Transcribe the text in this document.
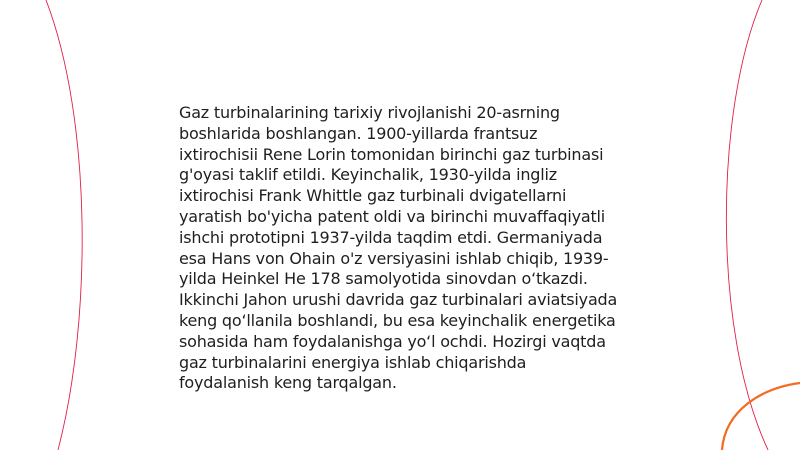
Gaz turbinalarining tarixiy rivojlanishi 20-asrning boshlarida boshlangan. 1900-yillarda frantsuz ixtirochisii Rene Lorin tomonidan birinchi gaz turbinasi g'oyasi taklif etildi. Keyinchalik, 1930-yilda ingliz ixtirochisi Frank Whittle gaz turbinali dvigatellarni yaratish bo'yicha patent oldi va birinchi muvaffaqiyatli ishchi prototipni 1937-yilda taqdim etdi. Germaniyada esa Hans von Ohain o'z versiyasini ishlab chiqib, 1939-yilda Heinkel He 178 samolyotida sinovdan o‘tkazdi. Ikkinchi Jahon urushi davrida gaz turbinalari aviatsiyada keng qo‘llanila boshlandi, bu esa keyinchalik energetika sohasida ham foydalanishga yo‘l ochdi. Hozirgi vaqtda gaz turbinalarini energiya ishlab chiqarishda foydalanish keng tarqalgan.
